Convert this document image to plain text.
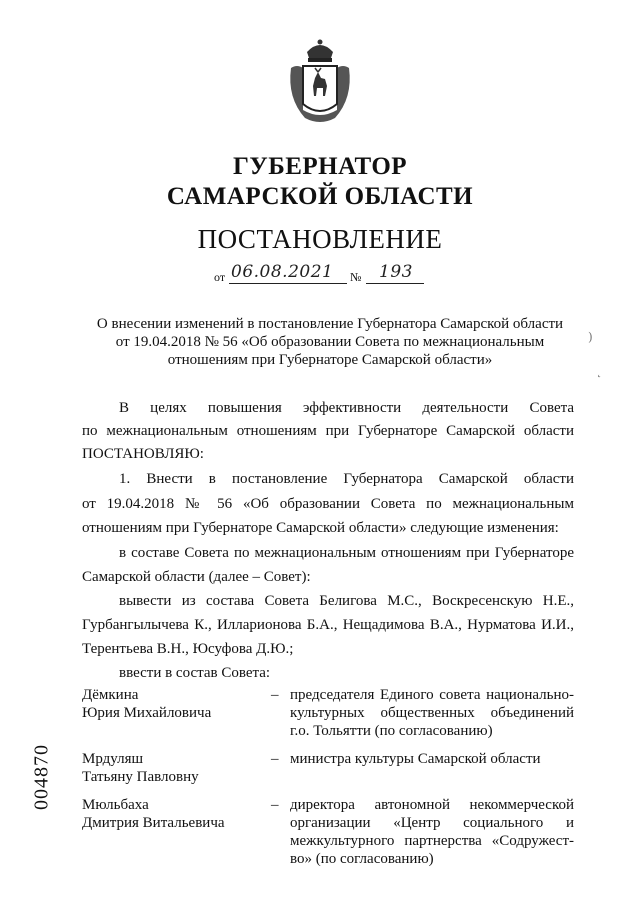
ГУБЕРНАТОР
САМАРСКОЙ ОБЛАСТИ
ПОСТАНОВЛЕНИЕ
от 06.08.2021 № 193
О внесении изменений в постановление Губернатора Самарской области
от 19.04.2018 № 56 «Об образовании Совета по межнациональным
отношениям при Губернаторе Самарской области»
В целях повышения эффективности деятельности Совета
по межнациональным отношениям при Губернаторе Самарской области
ПОСТАНОВЛЯЮ:
1. Внести в постановление Губернатора Самарской области
от 19.04.2018 № 56 «Об образовании Совета по межнациональным
отношениям при Губернаторе Самарской области» следующие изменения:
в составе Совета по межнациональным отношениям при Губернаторе
Самарской области (далее – Совет):
вывести из состава Совета Белигова М.С., Воскресенскую Н.Е.,
Гурбангылычева К., Илларионова Б.А., Нещадимова В.А., Нурматова И.И.,
Терентьева В.Н., Юсуфова Д.Ю.;
ввести в состав Совета:
Дёмкина
Юрия Михайловича
– председателя Единого совета национально-
культурных общественных объединений
г.о. Тольятти (по согласованию)
Мрдуляш
Татьяну Павловну
– министра культуры Самарской области
Мюльбаха
Дмитрия Витальевича
– директора автономной некоммерческой
организации «Центр социального и
межкультурного партнерства «Содружест-
во» (по согласованию)
004870
)
˛
